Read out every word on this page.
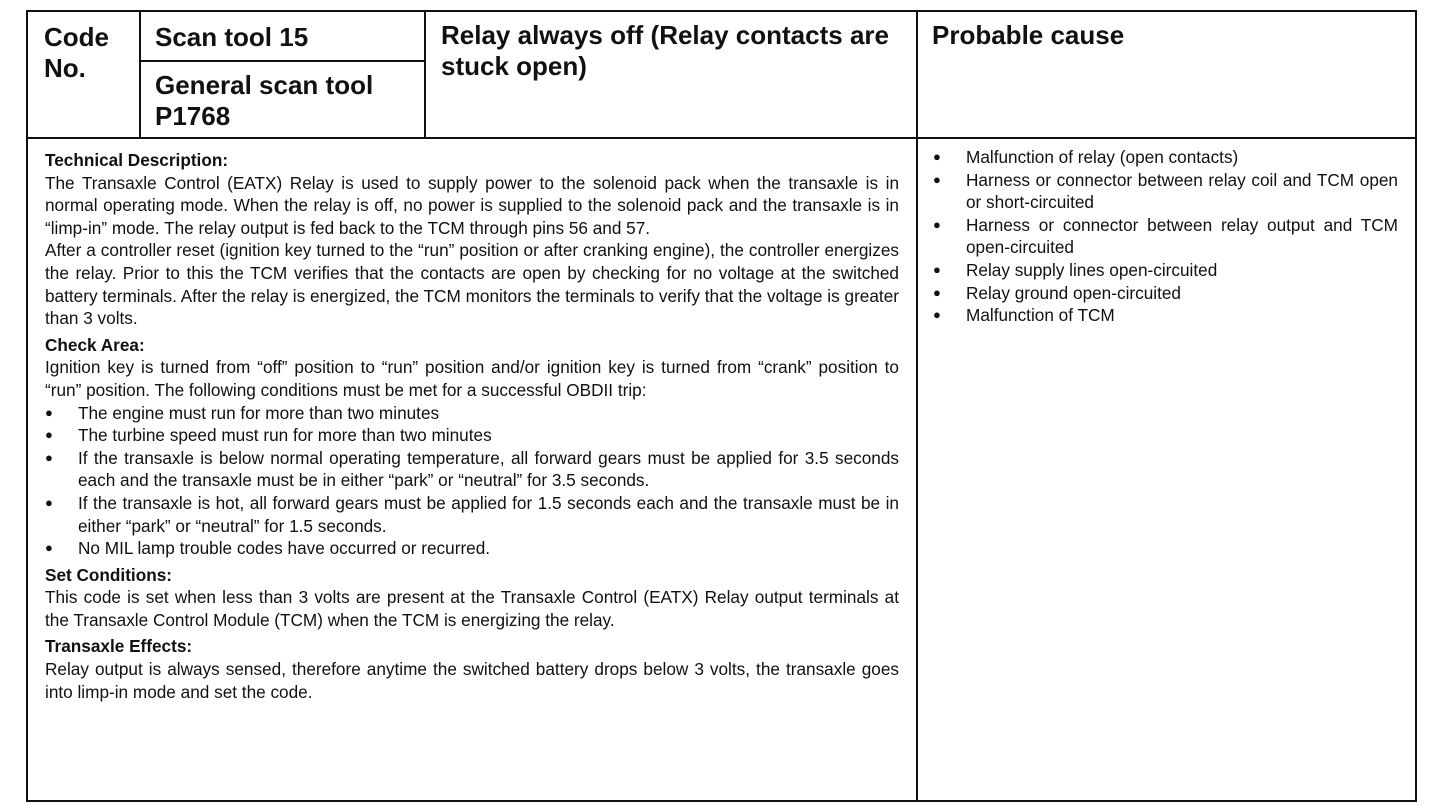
Code No.
Scan tool 15
General scan tool P1768
Relay always off (Relay contacts are stuck open)
Probable cause
Technical Description:

The Transaxle Control (EATX) Relay is used to supply power to the solenoid pack when the transaxle is in normal operating mode. When the relay is off, no power is supplied to the solenoid pack and the transaxle is in “limp-in” mode. The relay output is fed back to the TCM through pins 56 and 57.

After a controller reset (ignition key turned to the “run” position or after cranking engine), the controller energizes the relay. Prior to this the TCM verifies that the contacts are open by checking for no voltage at the switched battery terminals. After the relay is energized, the TCM monitors the terminals to verify that the voltage is greater than 3 volts.

Check Area:

Ignition key is turned from “off” position to “run” position and/or ignition key is turned from “crank” position to “run” position. The following conditions must be met for a successful OBDII trip:

● The engine must run for more than two minutes
● The turbine speed must run for more than two minutes
● If the transaxle is below normal operating temperature, all forward gears must be applied for 3.5 seconds each and the transaxle must be in either “park” or “neutral” for 3.5 seconds.
● If the transaxle is hot, all forward gears must be applied for 1.5 seconds each and the transaxle must be in either “park” or “neutral” for 1.5 seconds.
● No MIL lamp trouble codes have occurred or recurred.
Set Conditions:

This code is set when less than 3 volts are present at the Transaxle Control (EATX) Relay output terminals at the Transaxle Control Module (TCM) when the TCM is energizing the relay.

Transaxle Effects:

Relay output is always sensed, therefore anytime the switched battery drops below 3 volts, the transaxle goes into limp-in mode and set the code.

● Malfunction of relay (open contacts)
● Harness or connector between relay coil and TCM open or short-circuited
● Harness or connector between relay output and TCM open-circuited
● Relay supply lines open-circuited
● Relay ground open-circuited
● Malfunction of TCM
